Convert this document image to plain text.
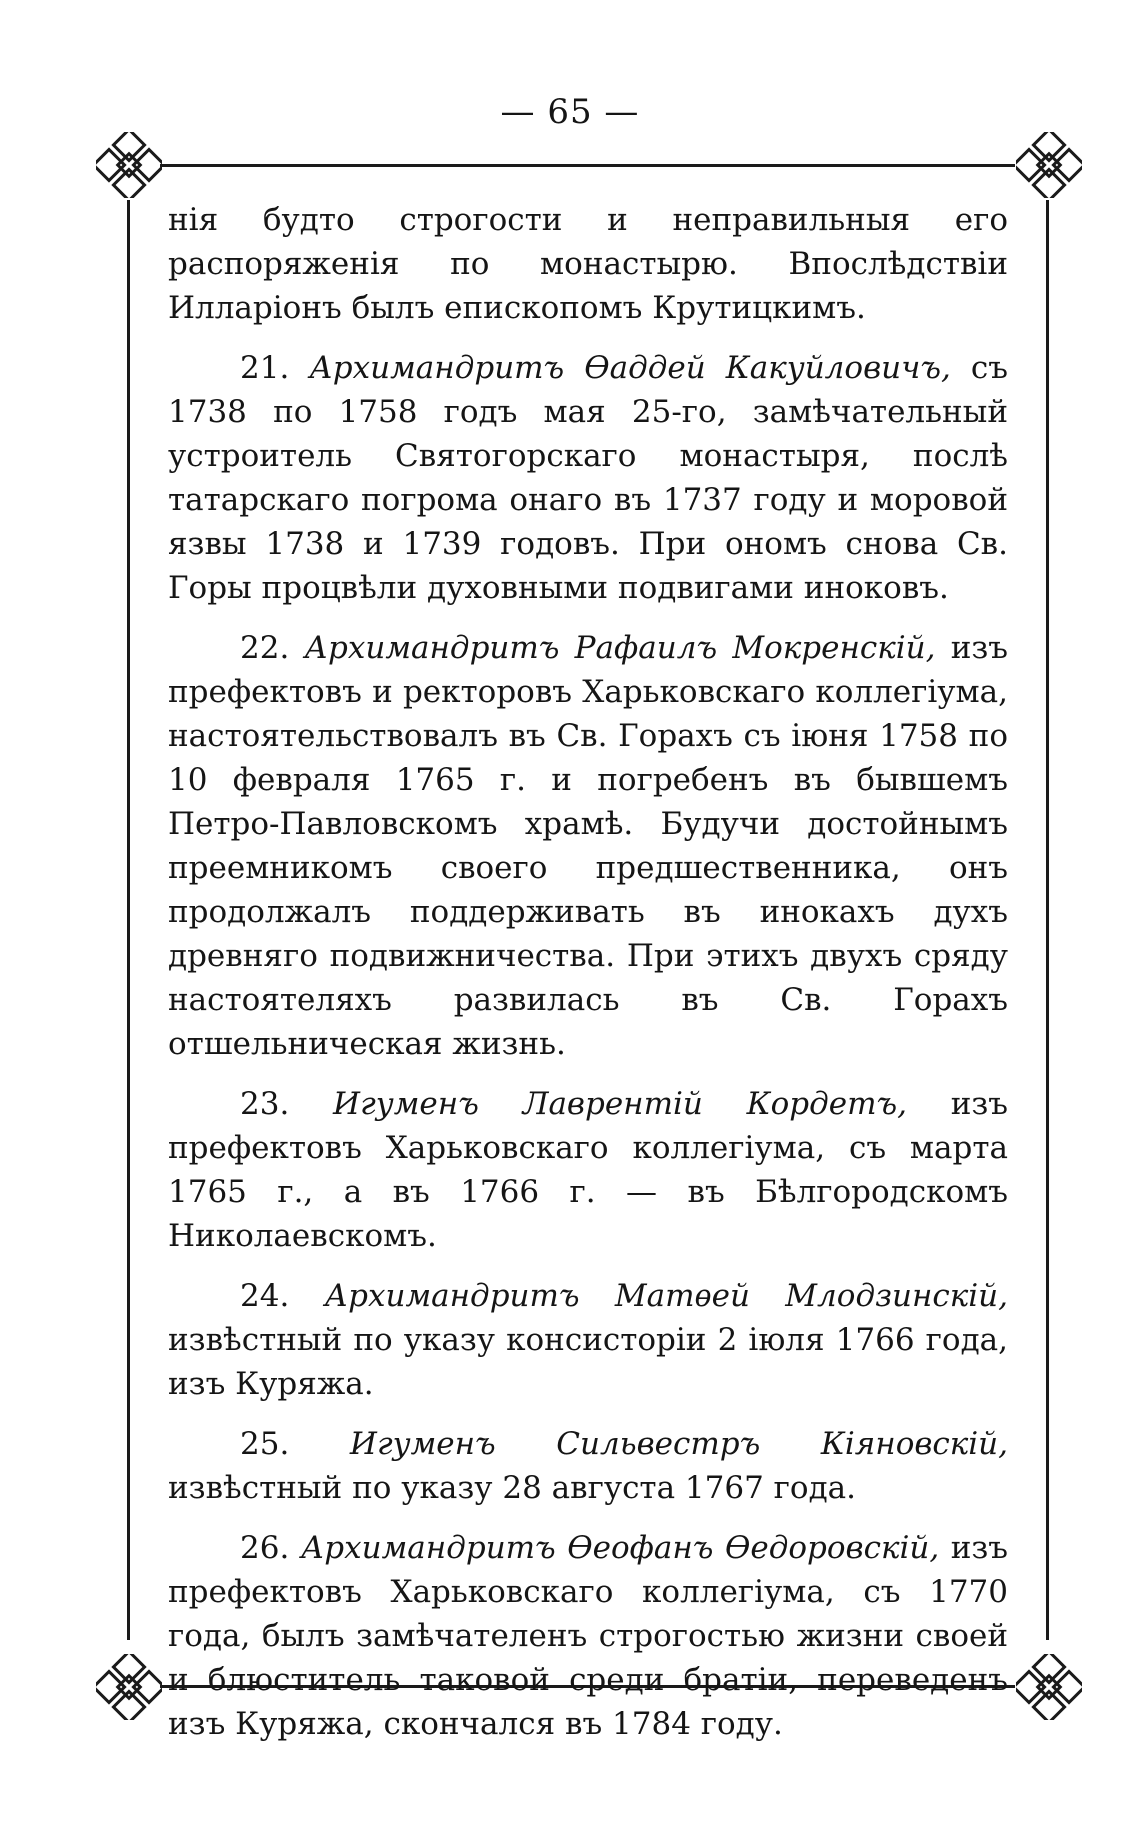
— 65 —

нія будто строгости и неправильныя его распоряженія по монастырю. Впослѣдствіи Илларіонъ былъ епископомъ Крутицкимъ.

21. Архимандритъ Ѳаддей Какуйловичъ, съ 1738 по 1758 годъ мая 25-го, замѣчательный устроитель Святогорскаго монастыря, послѣ татарскаго погрома онаго въ 1737 году и моровой язвы 1738 и 1739 годовъ. При ономъ снова Св. Горы процвѣли духовными подвигами иноковъ.

22. Архимандритъ Рафаилъ Мокренскій, изъ префектовъ и ректоровъ Харьковскаго коллегіума, настоятельствовалъ въ Св. Горахъ съ іюня 1758 по 10 февраля 1765 г. и погребенъ въ бывшемъ Петро-Павловскомъ храмѣ. Будучи достойнымъ преемникомъ своего предшественника, онъ продолжалъ поддерживать въ инокахъ духъ древняго подвижничества. При этихъ двухъ сряду настоятеляхъ развилась въ Св. Горахъ отшельническая жизнь.

23. Игуменъ Лаврентій Кордетъ, изъ префектовъ Харьковскаго коллегіума, съ марта 1765 г., а въ 1766 г. — въ Бѣлгородскомъ Николаевскомъ.

24. Архимандритъ Матѳей Млодзинскій, извѣстный по указу консисторіи 2 іюля 1766 года, изъ Куряжа.

25. Игуменъ Сильвестръ Кіяновскій, извѣстный по указу 28 августа 1767 года.

26. Архимандритъ Ѳеофанъ Ѳедоровскій, изъ префектовъ Харьковскаго коллегіума, съ 1770 года, былъ замѣчателенъ строгостью жизни своей и блюститель таковой среди братіи, переведенъ изъ Куряжа, скончался въ 1784 году.
